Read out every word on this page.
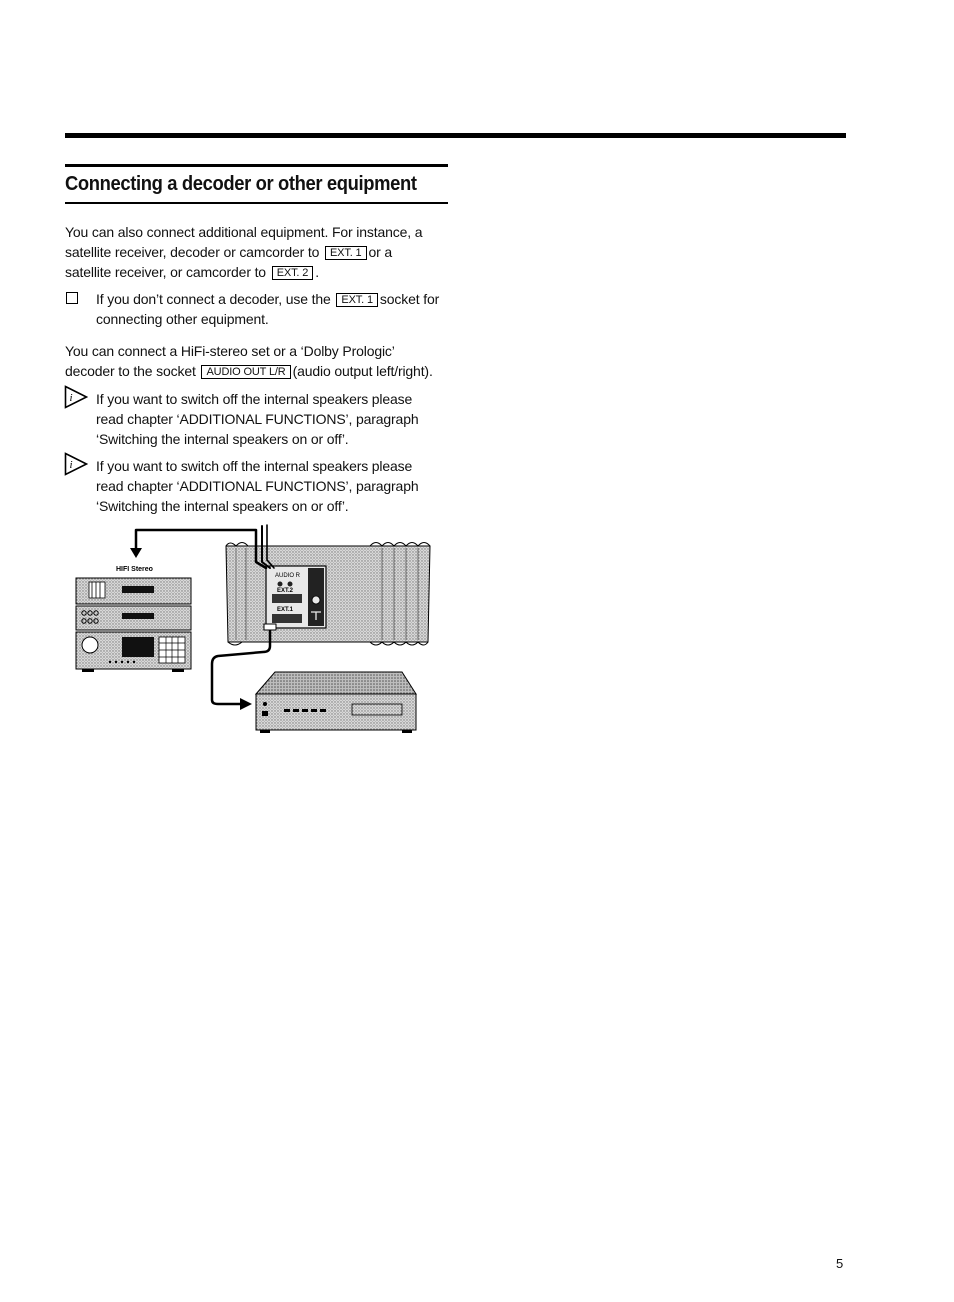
Connecting a decoder or other equipment

You can also connect additional equipment. For instance, a

satellite receiver, decoder or camcorder to EXT. 1 or a

satellite receiver, or camcorder to EXT. 2 .

If you don’t connect a decoder, use the EXT. 1 socket for

connecting other equipment.

You can connect a HiFi-stereo set or a ‘Dolby Prologic’

decoder to the socket AUDIO OUT L/R (audio output left/right).

i If you want to switch off the internal speakers please

read chapter ‘ADDITIONAL FUNCTIONS’, paragraph

‘Switching the internal speakers on or off’.

i If you want to switch off the internal speakers please

read chapter ‘ADDITIONAL FUNCTIONS’, paragraph

‘Switching the internal speakers on or off’.

AUDIO R
EXT.2
EXT.1
HIFI Stereo
5
